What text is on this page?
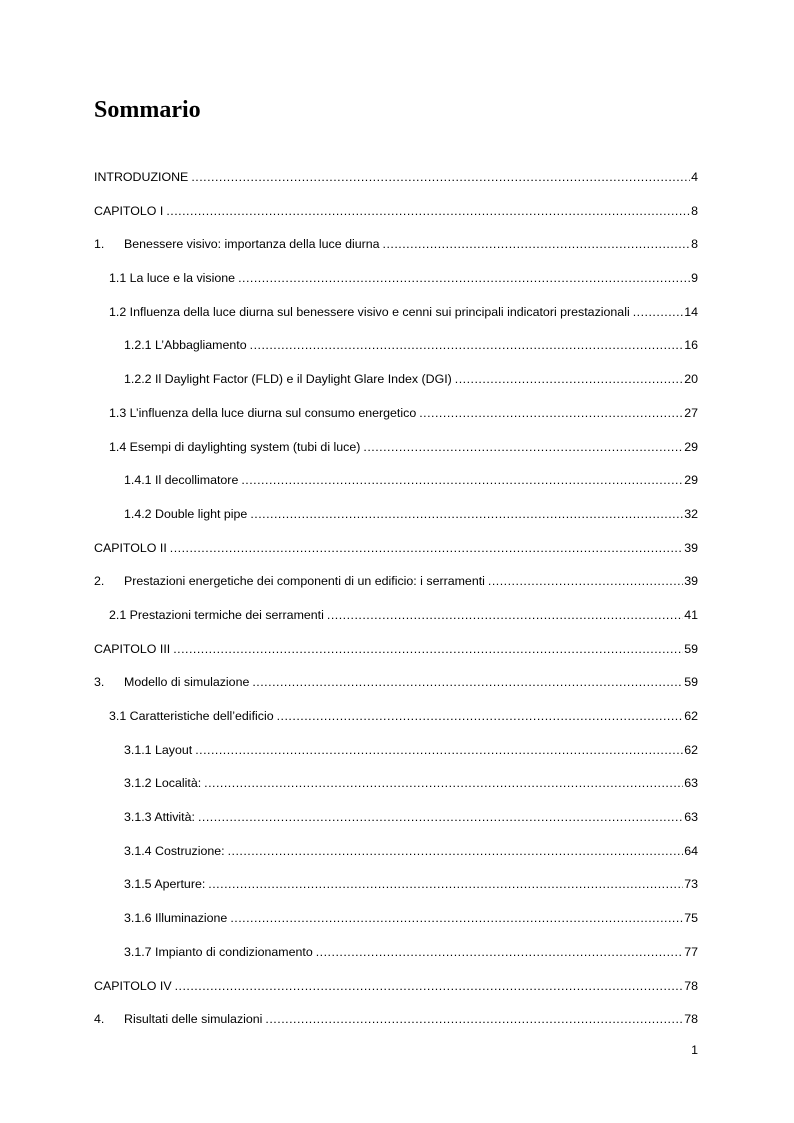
Sommario
INTRODUZIONE .....	4
CAPITOLO I .....	8
1.	Benessere visivo: importanza della luce diurna .....	8
1.1 La luce e la visione .....	9
1.2 Influenza della luce diurna sul benessere visivo e cenni sui principali indicatori prestazionali .....	14
1.2.1 L’Abbagliamento .....	16
1.2.2 Il Daylight Factor (FLD) e il Daylight Glare Index (DGI) .....	20
1.3 L’influenza della luce diurna sul consumo energetico .....	27
1.4 Esempi di daylighting system (tubi di luce) .....	29
1.4.1 Il decollimatore .....	29
1.4.2 Double light pipe .....	32
CAPITOLO II .....	39
2.	Prestazioni energetiche dei componenti di un edificio: i serramenti .....	39
2.1 Prestazioni termiche dei serramenti .....	41
CAPITOLO III .....	59
3.	Modello di simulazione .....	59
3.1 Caratteristiche dell’edificio .....	62
3.1.1 Layout .....	62
3.1.2 Località: .....	63
3.1.3 Attività: .....	63
3.1.4 Costruzione: .....	64
3.1.5 Aperture: .....	73
3.1.6 Illuminazione .....	75
3.1.7 Impianto di condizionamento .....	77
CAPITOLO IV .....	78
4.	Risultati delle simulazioni .....	78
1
